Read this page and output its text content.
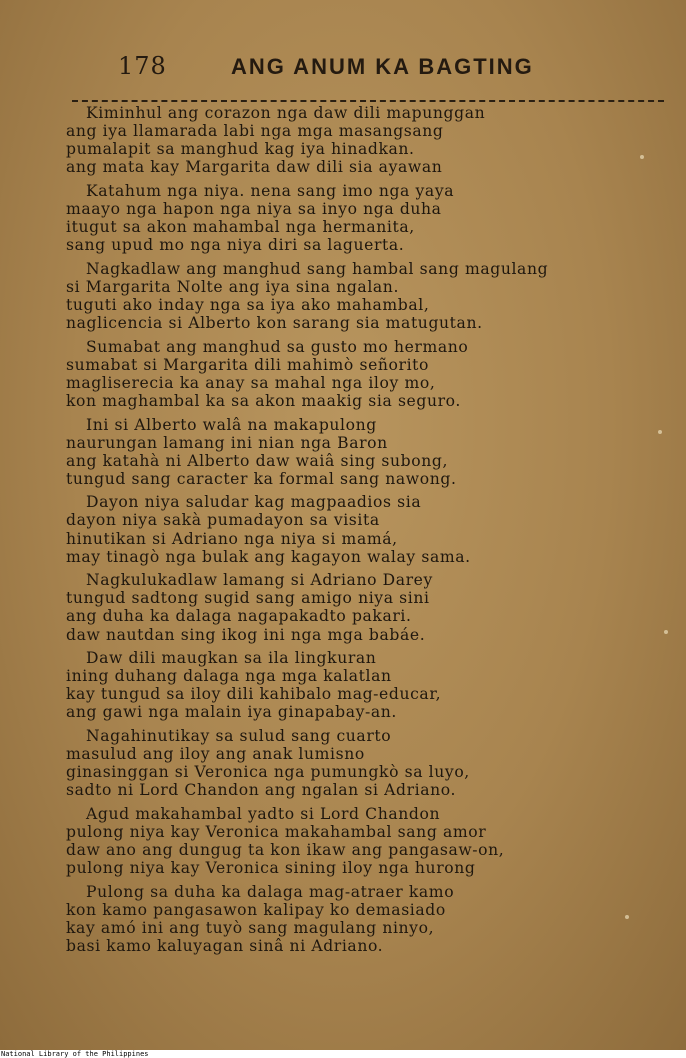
178	ANG ANUM KA BAGTING
Kiminhul ang corazon nga daw dili mapunggan
ang iya llamarada labi nga mga masangsang
pumalapit sa manghud kag iya hinadkan.
ang mata kay Margarita daw dili sia ayawan
Katahum nga niya. nena sang imo nga yaya
maayo nga hapon nga niya sa inyo nga duha
itugut sa akon mahambal nga hermanita,
sang upud mo nga niya diri sa laguerta.
Nagkadlaw ang manghud sang hambal sang magulang
si Margarita Nolte ang iya sina ngalan.
tuguti ako inday nga sa iya ako mahambal,
naglicencia si Alberto kon sarang sia matugutan.
Sumabat ang manghud sa gusto mo hermano
sumabat si Margarita dili mahimò señorito
magliserecia ka anay sa mahal nga iloy mo,
kon maghambal ka sa akon maakig sia seguro.
Ini si Alberto walâ na makapulong
naurungan lamang ini nian nga Baron
ang katahà ni Alberto daw waiâ sing subong,
tungud sang caracter ka formal sang nawong.
Dayon niya saludar kag magpaadios sia
dayon niya sakà pumadayon sa visita
hinutikan si Adriano nga niya si mamá,
may tinagò nga bulak ang kagayon walay sama.
Nagkulukadlaw lamang si Adriano Darey
tungud sadtong sugid sang amigo niya sini
ang duha ka dalaga nagapakadto pakari.
daw nautdan sing ikog ini nga mga babáe.
Daw dili maugkan sa ila lingkuran
ining duhang dalaga nga mga kalatlan
kay tungud sa iloy dili kahibalo mag-educar,
ang gawi nga malain iya ginapabay-an.
Nagahinutikay sa sulud sang cuarto
masulud ang iloy ang anak lumisno
ginasinggan si Veronica nga pumungkò sa luyo,
sadto ni Lord Chandon ang ngalan si Adriano.
Agud makahambal yadto si Lord Chandon
pulong niya kay Veronica makahambal sang amor
daw ano ang dungug ta kon ikaw ang pangasaw-on,
pulong niya kay Veronica sining iloy nga hurong
Pulong sa duha ka dalaga mag-atraer kamo
kon kamo pangasawon kalipay ko demasiado
kay amó ini ang tuyò sang magulang ninyo,
basi kamo kaluyagan sinâ ni Adriano.
National Library of the Philippines
